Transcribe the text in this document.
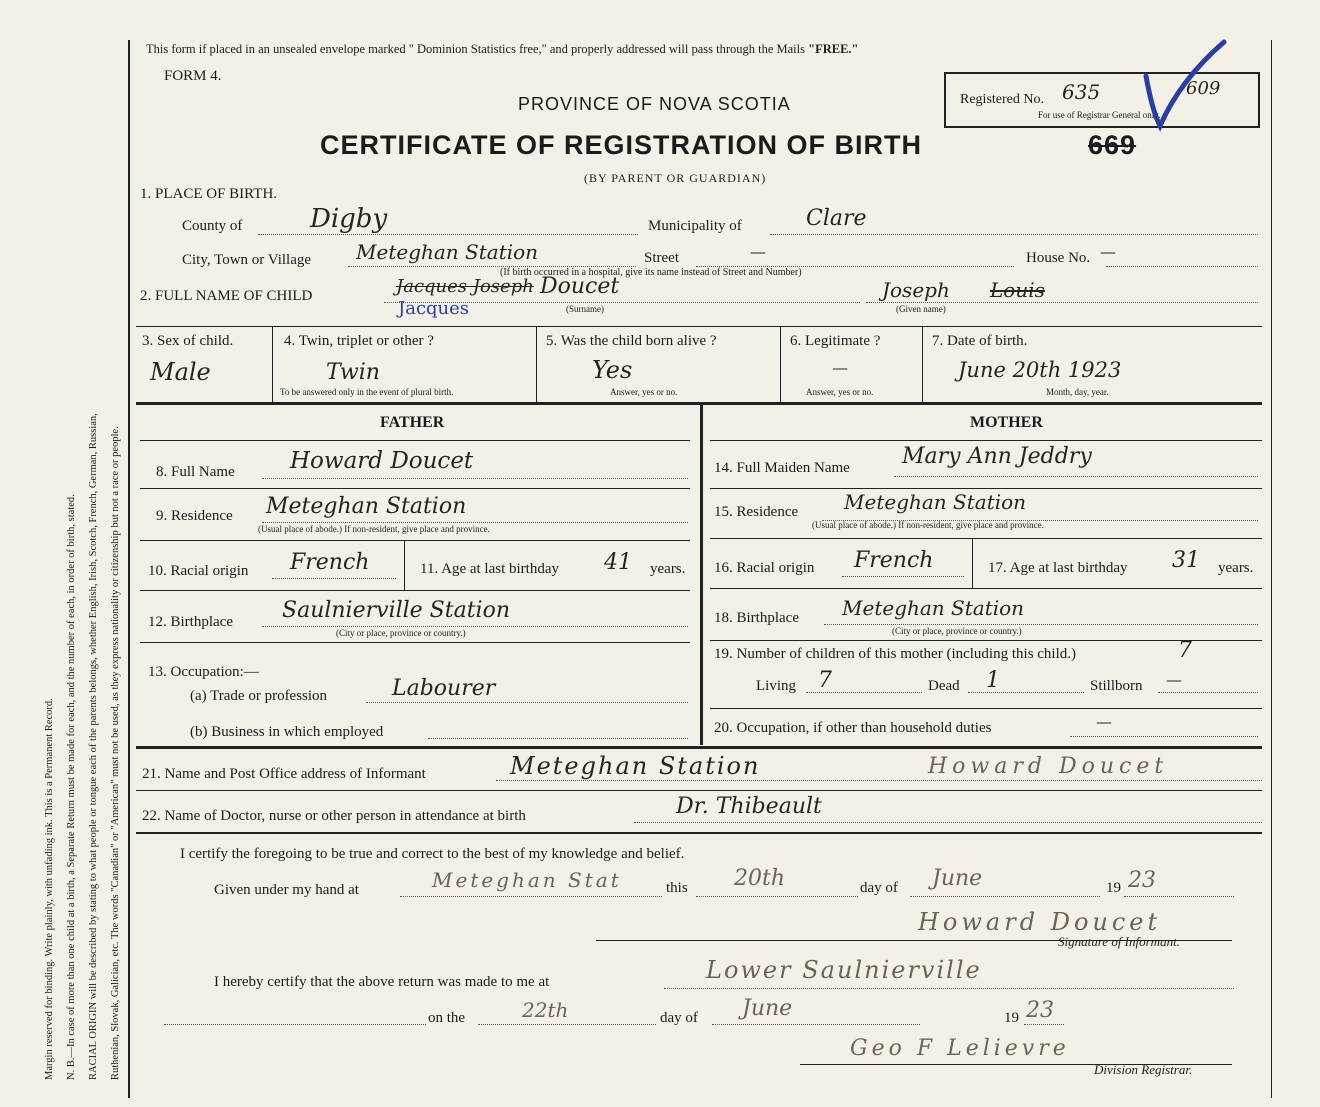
Margin reserved for binding. Write plainly, with unfading ink. This is a Permanent Record. N. B.—In case of more than one child at a birth, a Separate Return must be made for each, and the number of each, in order of birth, stated. RACIAL ORIGIN will be described by stating to what people or tongue each of the parents belongs, whether English, Irish, Scotch, French, German, Russian, Ruthenian, Slovak, Galician, etc. The words "Canadian" or "American" must not be used, as they express nationality or citizenship but not a race or people.
This form if placed in an unsealed envelope marked " Dominion Statistics free," and properly addressed will pass through the Mails "FREE."
FORM 4.
PROVINCE OF NOVA SCOTIA
CERTIFICATE OF REGISTRATION OF BIRTH	669
(BY PARENT OR GUARDIAN)
Registered No. 635	609
For use of Registrar General only.
1. PLACE OF BIRTH.
County of	Digby	Municipality of	Clare
City, Town or Village Meteghan Station	Street	—	House No. —
(If birth occurred in a hospital, give its name instead of Street and Number)
2. FULL NAME OF CHILD	Jacques Joseph Doucet
Jacques	(Surname)
Joseph Louis
(Given name)
3. Sex of child.
Male
4. Twin, triplet or other ?
Twin
To be answered only in the event of plural birth.
5. Was the child born alive ?
Yes
Answer, yes or no.
6. Legitimate ?
—
Answer, yes or no.
7. Date of birth.
June 20th 1923
Month, day, year.
FATHER
8. Full Name Howard Doucet
9. Residence Meteghan Station
(Usual place of abode.) If non-resident, give place and province.
10. Racial origin French	11. Age at last birthday 41 years.
12. Birthplace Saulnierville Station
(City or place, province or country.)
13. Occupation:—
(a) Trade or profession	Labourer
(b) Business in which employed
MOTHER
14. Full Maiden Name Mary Ann Jeddry
15. Residence Meteghan Station
(Usual place of abode.) If non-resident, give place and province.
16. Racial origin French	17. Age at last birthday 31 years.
18. Birthplace Meteghan Station
(City or place, province or country.)
19. Number of children of this mother (including this child.)	7
Living 7	Dead 1	Stillborn —
20. Occupation, if other than household duties	—
21. Name and Post Office address of Informant	Meteghan Station	Howard Doucet
22. Name of Doctor, nurse or other person in attendance at birth	Dr. Thibeault
I certify the foregoing to be true and correct to the best of my knowledge and belief.
Given under my hand at	Meteghan Stat	this 20th	day of June	19 23
Howard Doucet
Signature of Informant.
I hereby certify that the above return was made to me at	Lower Saulnierville
on the	22th	day of June	19 23
Geo F Lelievre
Division Registrar.
